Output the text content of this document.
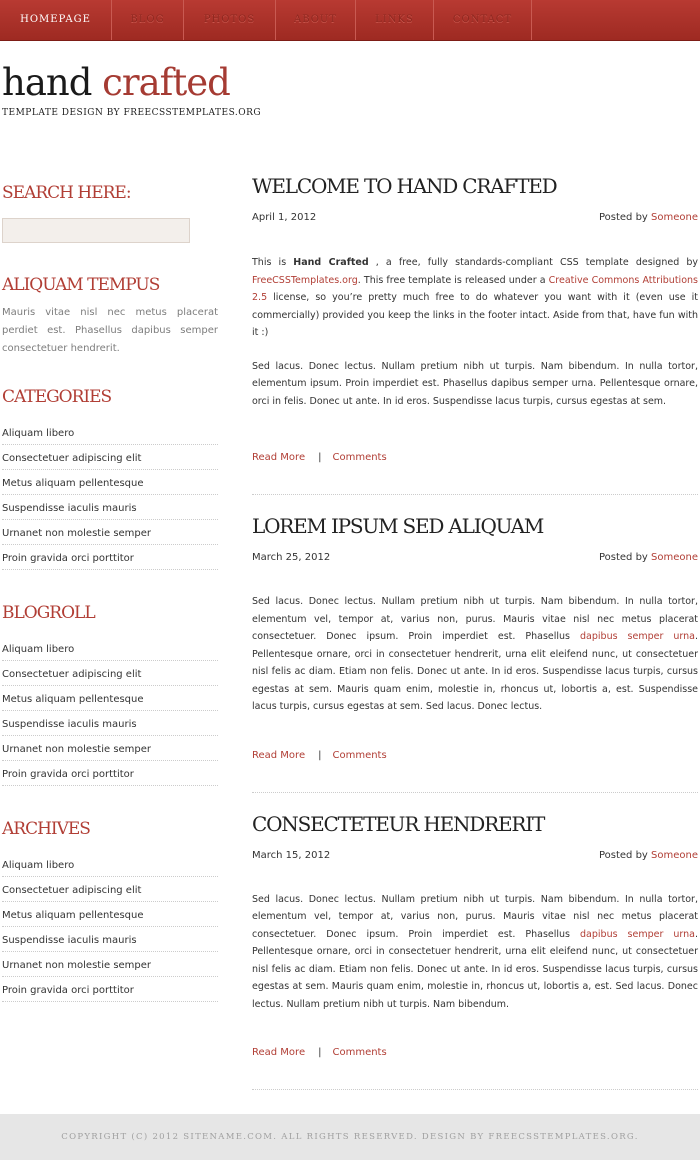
HOMEPAGE	BLOG	PHOTOS	ABOUT	LINKS	CONTACT
hand crafted

TEMPLATE DESIGN BY FREECSSTEMPLATES.ORG

SEARCH HERE:
ALIQUAM TEMPUS

Mauris vitae nisl nec metus placerat perdiet est. Phasellus dapibus semper consectetuer hendrerit.

CATEGORIES
Aliquam libero
Consectetuer adipiscing elit
Metus aliquam pellentesque
Suspendisse iaculis mauris
Urnanet non molestie semper
Proin gravida orci porttitor
BLOGROLL
Aliquam libero
Consectetuer adipiscing elit
Metus aliquam pellentesque
Suspendisse iaculis mauris
Urnanet non molestie semper
Proin gravida orci porttitor
ARCHIVES
Aliquam libero
Consectetuer adipiscing elit
Metus aliquam pellentesque
Suspendisse iaculis mauris
Urnanet non molestie semper
Proin gravida orci porttitor
WELCOME TO HAND CRAFTED
April 1, 2012	Posted by Someone

This is Hand Crafted , a free, fully standards-compliant CSS template designed by FreeCSSTemplates.org. This free template is released under a Creative Commons Attributions 2.5 license, so you’re pretty much free to do whatever you want with it (even use it commercially) provided you keep the links in the footer intact. Aside from that, have fun with it :)

Sed lacus. Donec lectus. Nullam pretium nibh ut turpis. Nam bibendum. In nulla tortor, elementum ipsum. Proin imperdiet est. Phasellus dapibus semper urna. Pellentesque ornare, orci in felis. Donec ut ante. In id eros. Suspendisse lacus turpis, cursus egestas at sem.

Read More | Comments
LOREM IPSUM SED ALIQUAM
March 25, 2012	Posted by Someone

Sed lacus. Donec lectus. Nullam pretium nibh ut turpis. Nam bibendum. In nulla tortor, elementum vel, tempor at, varius non, purus. Mauris vitae nisl nec metus placerat consectetuer. Donec ipsum. Proin imperdiet est. Phasellus dapibus semper urna. Pellentesque ornare, orci in consectetuer hendrerit, urna elit eleifend nunc, ut consectetuer nisl felis ac diam. Etiam non felis. Donec ut ante. In id eros. Suspendisse lacus turpis, cursus egestas at sem. Mauris quam enim, molestie in, rhoncus ut, lobortis a, est. Suspendisse lacus turpis, cursus egestas at sem. Sed lacus. Donec lectus.

Read More | Comments
CONSECTETEUR HENDRERIT
March 15, 2012	Posted by Someone

Sed lacus. Donec lectus. Nullam pretium nibh ut turpis. Nam bibendum. In nulla tortor, elementum vel, tempor at, varius non, purus. Mauris vitae nisl nec metus placerat consectetuer. Donec ipsum. Proin imperdiet est. Phasellus dapibus semper urna. Pellentesque ornare, orci in consectetuer hendrerit, urna elit eleifend nunc, ut consectetuer nisl felis ac diam. Etiam non felis. Donec ut ante. In id eros. Suspendisse lacus turpis, cursus egestas at sem. Mauris quam enim, molestie in, rhoncus ut, lobortis a, est. Sed lacus. Donec lectus. Nullam pretium nibh ut turpis. Nam bibendum.

Read More | Comments

COPYRIGHT (C) 2012 SITENAME.COM. ALL RIGHTS RESERVED. DESIGN BY FREECSSTEMPLATES.ORG.
